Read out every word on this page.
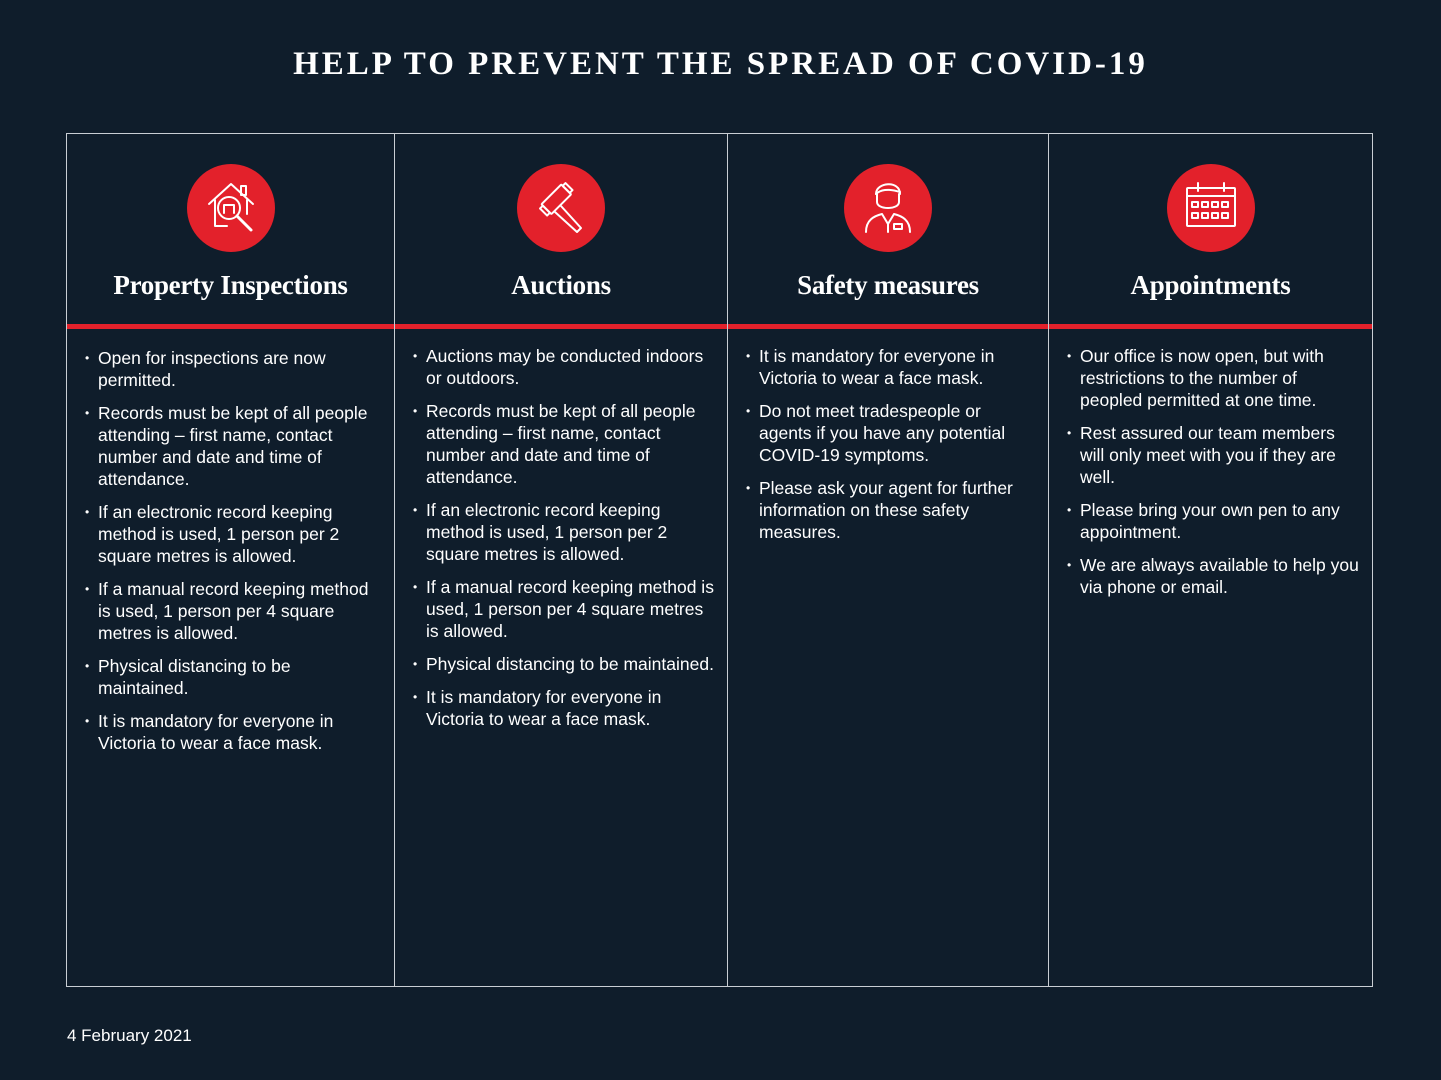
HELP TO PREVENT THE SPREAD OF COVID-19
Property Inspections
• Open for inspections are now permitted.
• Records must be kept of all people attending – first name, contact number and date and time of attendance.
• If an electronic record keeping method is used, 1 person per 2 square metres is allowed.
• If a manual record keeping method is used, 1 person per 4 square metres is allowed.
• Physical distancing to be maintained.
• It is mandatory for everyone in Victoria to wear a face mask.
Auctions
• Auctions may be conducted indoors or outdoors.
• Records must be kept of all people attending – first name, contact number and date and time of attendance.
• If an electronic record keeping method is used, 1 person per 2 square metres is allowed.
• If a manual record keeping method is used, 1 person per 4 square metres is allowed.
• Physical distancing to be maintained.
• It is mandatory for everyone in Victoria to wear a face mask.
Safety measures
• It is mandatory for everyone in Victoria to wear a face mask.
• Do not meet tradespeople or agents if you have any potential COVID-19 symptoms.
• Please ask your agent for further information on these safety measures.
Appointments
• Our office is now open, but with restrictions to the number of peopled permitted at one time.
• Rest assured our team members will only meet with you if they are well.
• Please bring your own pen to any appointment.
• We are always available to help you via phone or email.
4 February 2021
